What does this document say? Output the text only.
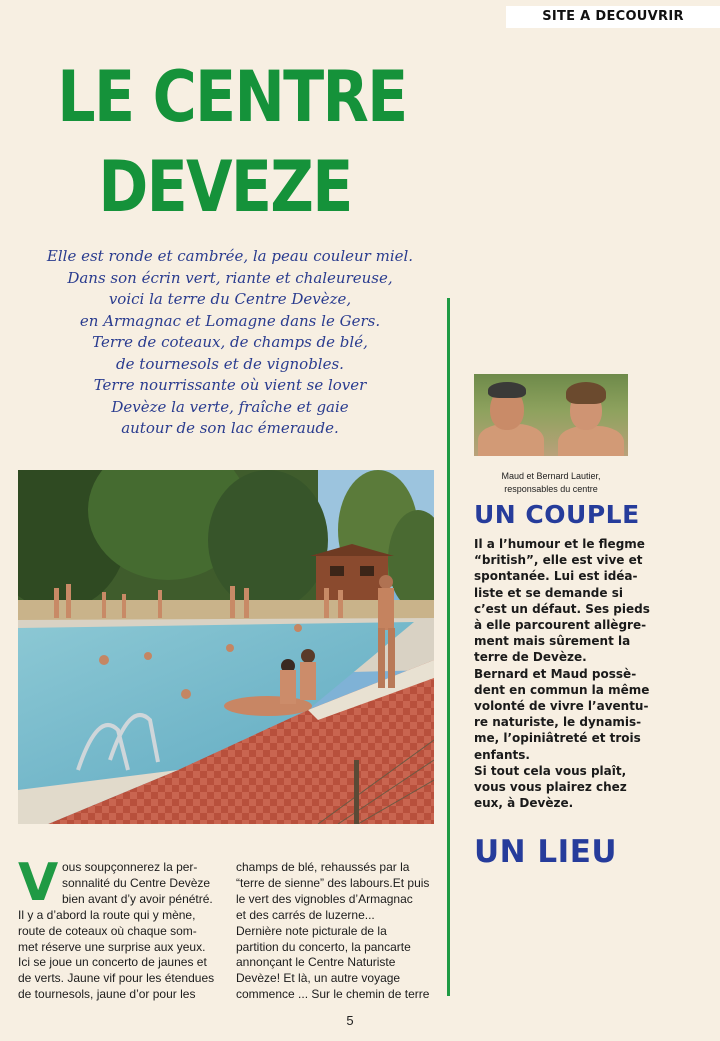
SITE A DECOUVRIR
LE CENTRE
DEVEZE
Elle est ronde et cambrée, la peau couleur miel.
Dans son écrin vert, riante et chaleureuse,
voici la terre du Centre Devèze,
en Armagnac et Lomagne dans le Gers.
Terre de coteaux, de champs de blé,
de tournesols et de vignobles.
Terre nourrissante où vient se lover
Devèze la verte, fraîche et gaie
autour de son lac émeraude.
Maud et Bernard Lautier,
responsables du centre
UN COUPLE
Il a l’humour et le flegme
“british”, elle est vive et
spontanée. Lui est idéa-
liste et se demande si
c’est un défaut. Ses pieds
à elle parcourent allègre-
ment mais sûrement la
terre de Devèze.
Bernard et Maud possè-
dent en commun la même
volonté de vivre l’aventu-
re naturiste, le dynamis-
me, l’opiniâtreté et trois
enfants.
Si tout cela vous plaît,
vous vous plairez chez
eux, à Devèze.
UN LIEU
V ous soupçonnerez la per-
sonnalité du Centre Devèze
bien avant d’y avoir pénétré.
Il y a d’abord la route qui y mène,
route de coteaux où chaque som-
met réserve une surprise aux yeux.
Ici se joue un concerto de jaunes et
de verts. Jaune vif pour les étendues
de tournesols, jaune d’or pour les
champs de blé, rehaussés par la
“terre de sienne” des labours.Et puis
le vert des vignobles d’Armagnac
et des carrés de luzerne...
Dernière note picturale de la
partition du concerto, la pancarte
annonçant le Centre Naturiste
Devèze! Et là, un autre voyage
commence ... Sur le chemin de terre
5
